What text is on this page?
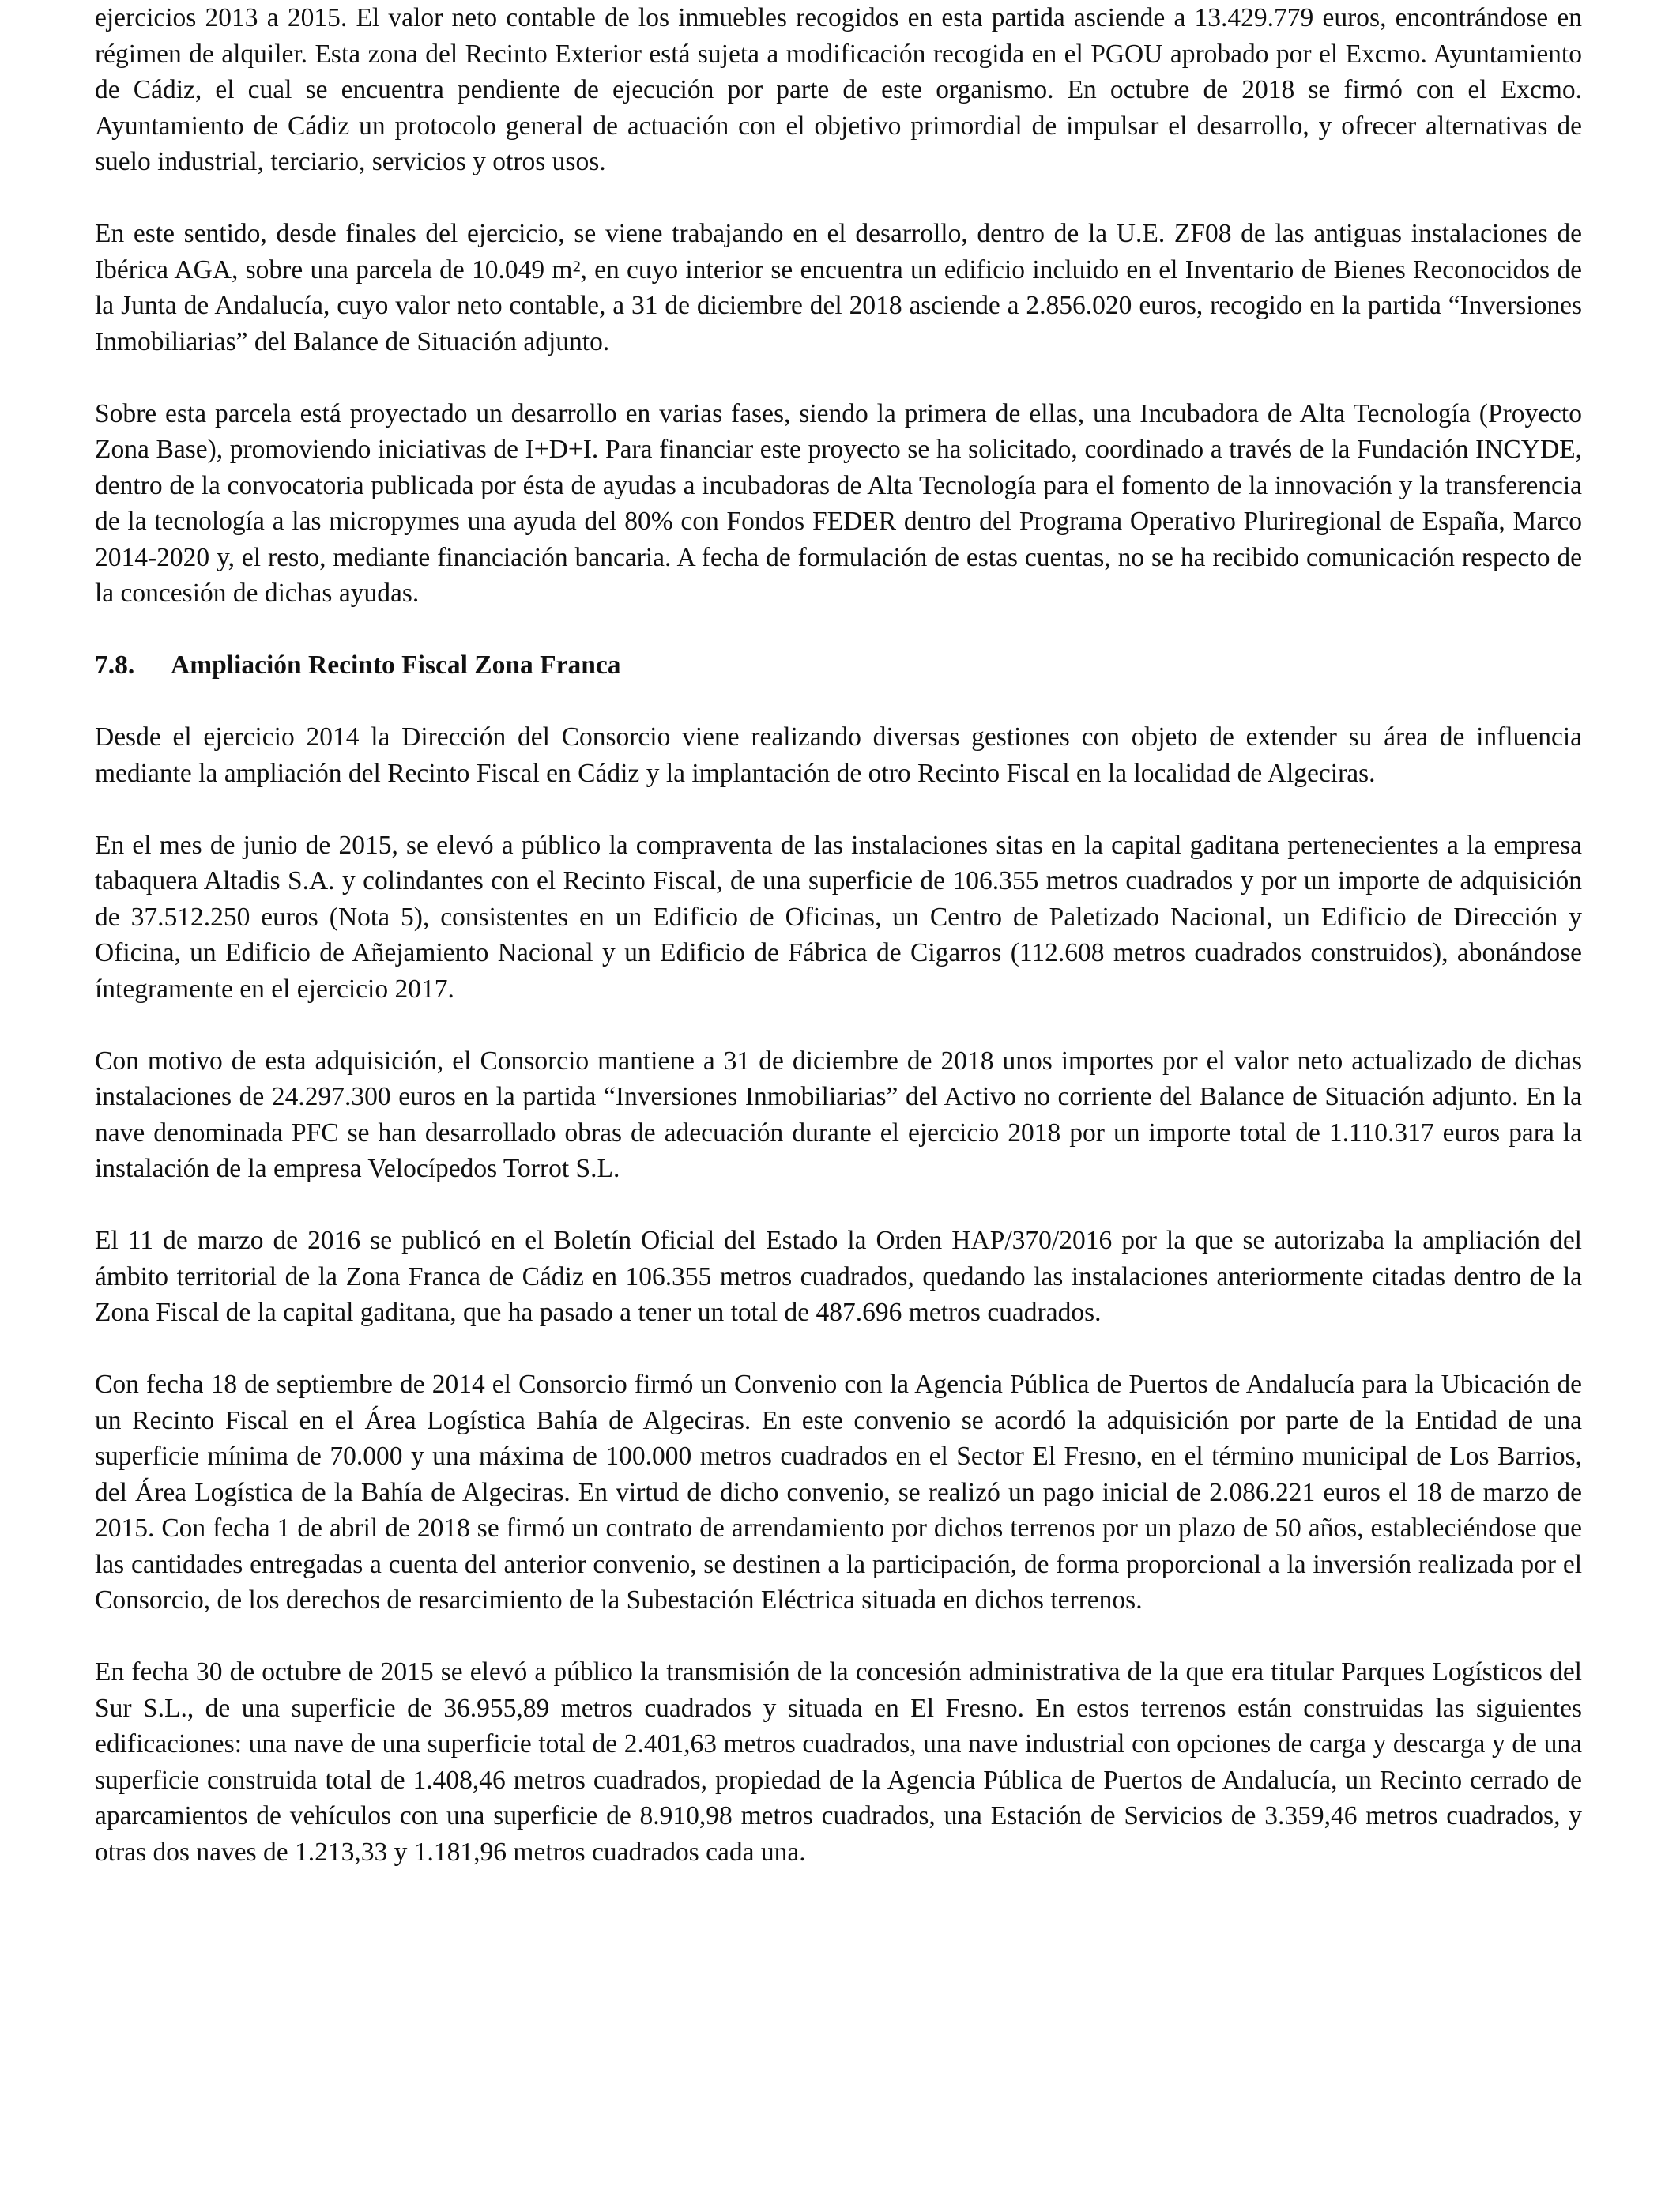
ejercicios 2013 a 2015. El valor neto contable de los inmuebles recogidos en esta partida asciende a 13.429.779 euros, encontrándose en régimen de alquiler. Esta zona del Recinto Exterior está sujeta a modificación recogida en el PGOU aprobado por el Excmo. Ayuntamiento de Cádiz, el cual se encuentra pendiente de ejecución por parte de este organismo. En octubre de 2018 se firmó con el Excmo. Ayuntamiento de Cádiz un protocolo general de actuación con el objetivo primordial de impulsar el desarrollo, y ofrecer alternativas de suelo industrial, terciario, servicios y otros usos.

En este sentido, desde finales del ejercicio, se viene trabajando en el desarrollo, dentro de la U.E. ZF08 de las antiguas instalaciones de Ibérica AGA, sobre una parcela de 10.049 m², en cuyo interior se encuentra un edificio incluido en el Inventario de Bienes Reconocidos de la Junta de Andalucía, cuyo valor neto contable, a 31 de diciembre del 2018 asciende a 2.856.020 euros, recogido en la partida “Inversiones Inmobiliarias” del Balance de Situación adjunto.

Sobre esta parcela está proyectado un desarrollo en varias fases, siendo la primera de ellas, una Incubadora de Alta Tecnología (Proyecto Zona Base), promoviendo iniciativas de I+D+I. Para financiar este proyecto se ha solicitado, coordinado a través de la Fundación INCYDE, dentro de la convocatoria publicada por ésta de ayudas a incubadoras de Alta Tecnología para el fomento de la innovación y la transferencia de la tecnología a las micropymes una ayuda del 80% con Fondos FEDER dentro del Programa Operativo Pluriregional de España, Marco 2014-2020 y, el resto, mediante financiación bancaria. A fecha de formulación de estas cuentas, no se ha recibido comunicación respecto de la concesión de dichas ayudas.

7.8. Ampliación Recinto Fiscal Zona Franca

Desde el ejercicio 2014 la Dirección del Consorcio viene realizando diversas gestiones con objeto de extender su área de influencia mediante la ampliación del Recinto Fiscal en Cádiz y la implantación de otro Recinto Fiscal en la localidad de Algeciras.

En el mes de junio de 2015, se elevó a público la compraventa de las instalaciones sitas en la capital gaditana pertenecientes a la empresa tabaquera Altadis S.A. y colindantes con el Recinto Fiscal, de una superficie de 106.355 metros cuadrados y por un importe de adquisición de 37.512.250 euros (Nota 5), consistentes en un Edificio de Oficinas, un Centro de Paletizado Nacional, un Edificio de Dirección y Oficina, un Edificio de Añejamiento Nacional y un Edificio de Fábrica de Cigarros (112.608 metros cuadrados construidos), abonándose íntegramente en el ejercicio 2017.

Con motivo de esta adquisición, el Consorcio mantiene a 31 de diciembre de 2018 unos importes por el valor neto actualizado de dichas instalaciones de 24.297.300 euros en la partida “Inversiones Inmobiliarias” del Activo no corriente del Balance de Situación adjunto. En la nave denominada PFC se han desarrollado obras de adecuación durante el ejercicio 2018 por un importe total de 1.110.317 euros para la instalación de la empresa Velocípedos Torrot S.L.

El 11 de marzo de 2016 se publicó en el Boletín Oficial del Estado la Orden HAP/370/2016 por la que se autorizaba la ampliación del ámbito territorial de la Zona Franca de Cádiz en 106.355 metros cuadrados, quedando las instalaciones anteriormente citadas dentro de la Zona Fiscal de la capital gaditana, que ha pasado a tener un total de 487.696 metros cuadrados.

Con fecha 18 de septiembre de 2014 el Consorcio firmó un Convenio con la Agencia Pública de Puertos de Andalucía para la Ubicación de un Recinto Fiscal en el Área Logística Bahía de Algeciras. En este convenio se acordó la adquisición por parte de la Entidad de una superficie mínima de 70.000 y una máxima de 100.000 metros cuadrados en el Sector El Fresno, en el término municipal de Los Barrios, del Área Logística de la Bahía de Algeciras. En virtud de dicho convenio, se realizó un pago inicial de 2.086.221 euros el 18 de marzo de 2015. Con fecha 1 de abril de 2018 se firmó un contrato de arrendamiento por dichos terrenos por un plazo de 50 años, estableciéndose que las cantidades entregadas a cuenta del anterior convenio, se destinen a la participación, de forma proporcional a la inversión realizada por el Consorcio, de los derechos de resarcimiento de la Subestación Eléctrica situada en dichos terrenos.

En fecha 30 de octubre de 2015 se elevó a público la transmisión de la concesión administrativa de la que era titular Parques Logísticos del Sur S.L., de una superficie de 36.955,89 metros cuadrados y situada en El Fresno. En estos terrenos están construidas las siguientes edificaciones: una nave de una superficie total de 2.401,63 metros cuadrados, una nave industrial con opciones de carga y descarga y de una superficie construida total de 1.408,46 metros cuadrados, propiedad de la Agencia Pública de Puertos de Andalucía, un Recinto cerrado de aparcamientos de vehículos con una superficie de 8.910,98 metros cuadrados, una Estación de Servicios de 3.359,46 metros cuadrados, y otras dos naves de 1.213,33 y 1.181,96 metros cuadrados cada una.
